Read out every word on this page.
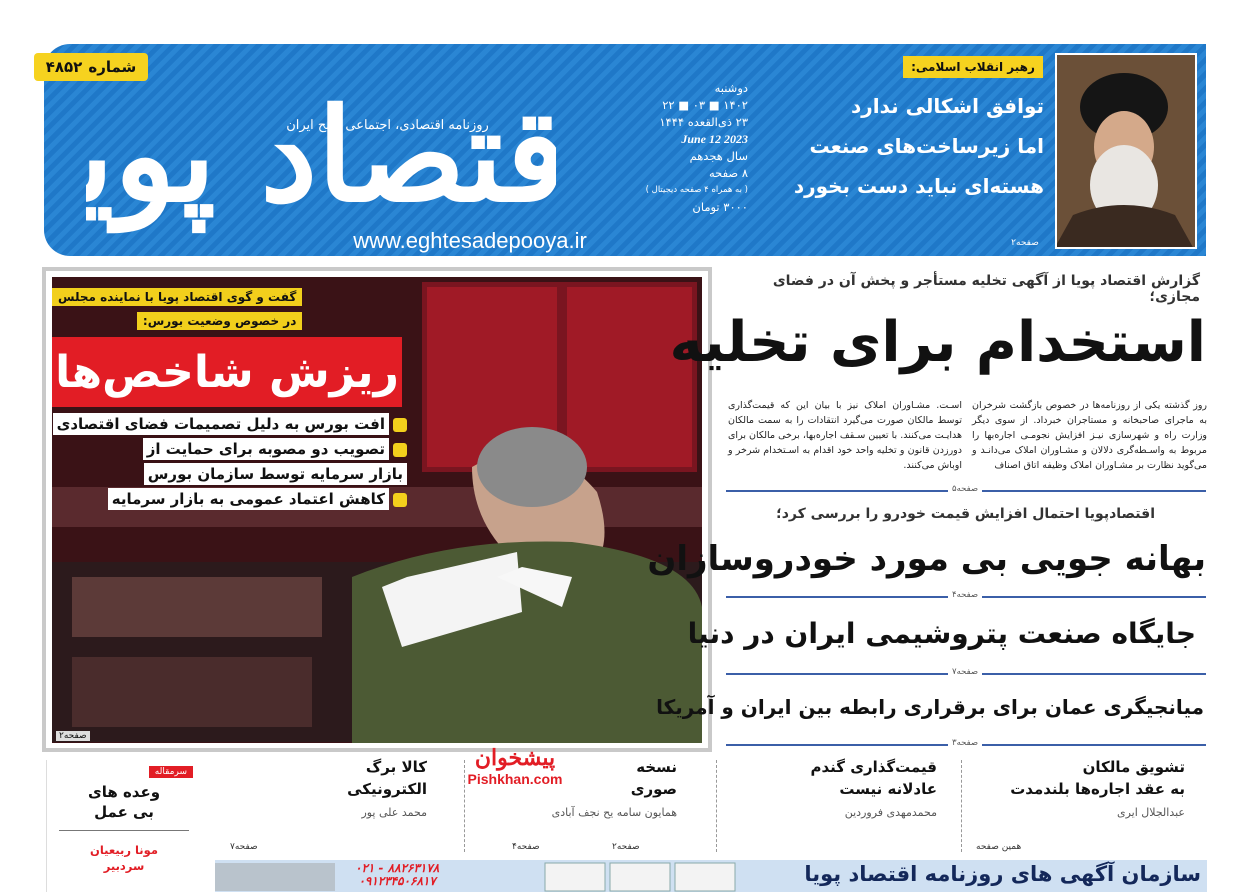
شماره
۴۸۵۲
قتصاد پو	روزنامه اقتصادی، اجتماعی صبح ایران
www.eghtesadepooya.ir
دوشنبه
۱۴۰۲ ■ ۰۳ ■ ۲۲
۲۳ ذی‌القعده ۱۴۴۴
2023 June 12
سال هجدهم
۸ صفحه
( به همراه ۴ صفحه دیجیتال )
۳۰۰۰ تومان
رهبر انقلاب اسلامی:
توافق اشکالی ندارد
اما زیرساخت‌های صنعت
هسته‌ای نباید دست بخورد
صفحه۲
گفت و گوی اقتصاد پویا با نماینده مجلس
در خصوص وضعیت بورس:
ریزش شاخص‌ها
افت بورس به دلیل تصمیمات فضای اقتصادی
تصویب دو مصوبه برای حمایت از
بازار سرمایه توسط سازمان بورس
کاهش اعتماد عمومی به بازار سرمایه
صفحه۲
گزارش اقتصاد پویا از آگهی تخلیه مستأجر و پخش آن در فضای مجازی؛
استخدام برای تخلیه
روز گذشته یکی از روزنامه‌ها در خصوص بازگشت شرخران به ماجرای صاحبخانه و مستاجران خبرداد. از سوی دیگر وزارت راه و شهرسازی نیـز افزایش نجومـی اجاره‌بها را مربوط به واسـطه‌گری دلالان و مشـاوران املاک می‌دانـد و می‌گوید نظارت بر مشـاوران املاک وظیفه اتاق اصناف
اسـت. مشـاوران املاک نیز با بیان این که قیمت‌گذاری توسط مالکان صورت می‌گیرد انتقادات را به سمت مالکان هدایـت می‌کنند. با تعیین سـقف اجاره‌بها، برخی مالکان برای دورزدن قانون و تخلیه واحد خود اقدام به اسـتخدام شرخر و اوباش می‌کنند.
صفحه۵
اقتصادپویا احتمال افزایش قیمت خودرو را بررسی کرد؛
بهانه جویی بی مورد خودروسازان
صفحه۴
جایگاه صنعت پتروشیمی ایران در دنیا
صفحه۷
میانجیگری عمان برای برقراری رابطه بین ایران و آمریکا
صفحه۳
تشویق مالکان
به عقد اجاره‌ها بلندمدت
عبدالجلال ایری
همین صفحه
قیمت‌گذاری گندم
عادلانه نیست
محمدمهدی فروردین
صفحه۲
نسخه
صوری
همایون سامه یح نجف آبادی
صفحه۴
کالا برگ
الکترونیکی
محمد علی پور
صفحه۷
پیشخوان
Pishkhan.com
سرمقاله
وعده های
بی عمل
مونا ربیعیان
سردبیر	سازمان آگهی های روزنامه اقتصاد پویا
۰۲۱ - ۸۸۲۶۳۱۷۸
۰۹۱۲۳۴۵۰۶۸۱۷
